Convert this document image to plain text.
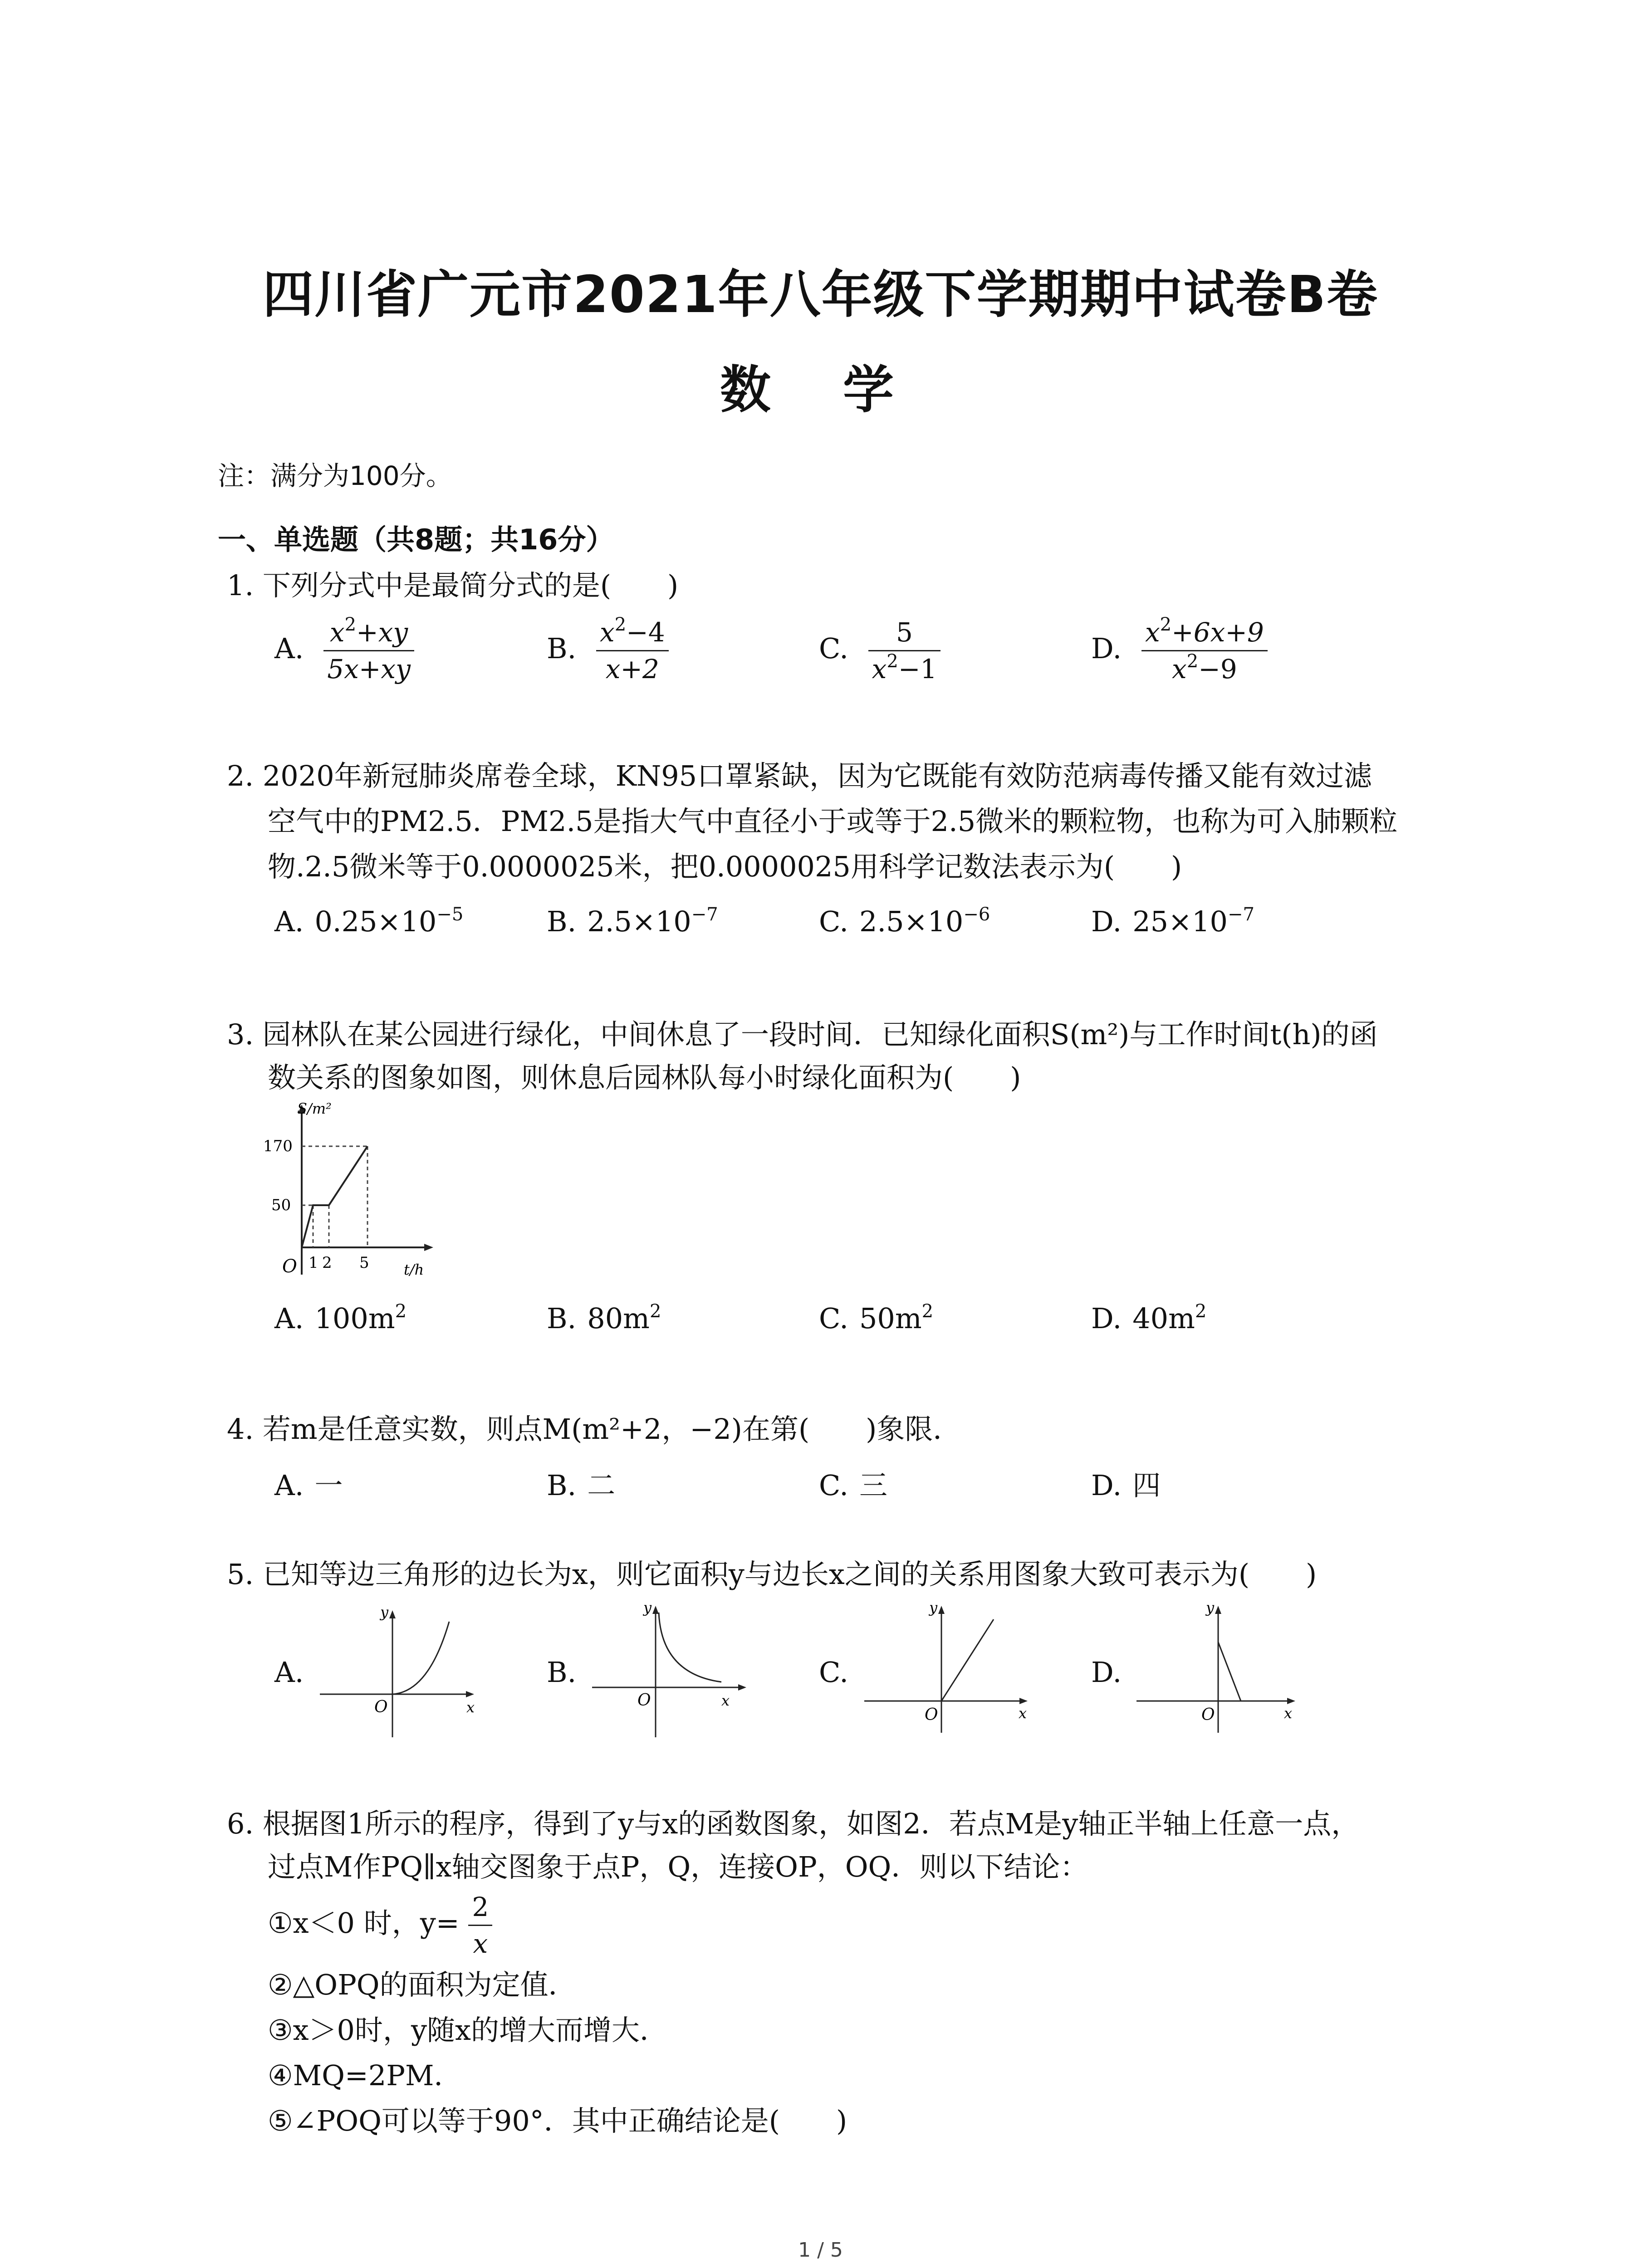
四川省广元市2021年八年级下学期期中试卷B卷
数 学
注：满分为100分。
一、单选题（共8题；共16分）
1. 下列分式中是最简分式的是(　　)
A. $\frac{x^2+xy}{5x+xy}$	B. $\frac{x^2-4}{x+2}$	C. $\frac{5}{x^2-1}$	D. $\frac{x^2+6x+9}{x^2-9}$
2. 2020年新冠肺炎席卷全球，KN95口罩紧缺，因为它既能有效防范病毒传播又能有效过滤
空气中的PM2.5．PM2.5是指大气中直径小于或等于2.5微米的颗粒物，也称为可入肺颗粒
物.2.5微米等于0.0000025米，把0.0000025用科学记数法表示为(　　)
A. $0.25\times 10^{-5}$	B. $2.5\times 10^{-7}$	C. $2.5\times 10^{-6}$	D. $25\times 10^{-7}$
3. 园林队在某公园进行绿化，中间休息了一段时间．已知绿化面积S(m²)与工作时间t(h)的函
数关系的图象如图，则休息后园林队每小时绿化面积为(　　)
S/m²
t/h
O
170
50
1 2 5
A. $100m^2$	B. $80m^2$	C. $50m^2$	D. $40m^2$
4. 若m是任意实数，则点M(m²+2，−2)在第(　　)象限．
A. 一	B. 二	C. 三	D. 四
5. 已知等边三角形的边长为x，则它面积y与边长x之间的关系用图象大致可表示为(　　)
A.
y
x
O
B.
y
x
O
C.
y
x
O
D.
y
x
O
6. 根据图1所示的程序，得到了y与x的函数图象，如图2．若点M是y轴正半轴上任意一点，
过点M作PQ∥x轴交图象于点P，Q，连接OP，OQ．则以下结论：
①x＜0 时，$y= \frac{2}{x}$
②△OPQ的面积为定值．
③x＞0时，y随x的增大而增大．
④MQ=2PM．
⑤∠POQ可以等于90°．其中正确结论是(　　)
1 / 5
